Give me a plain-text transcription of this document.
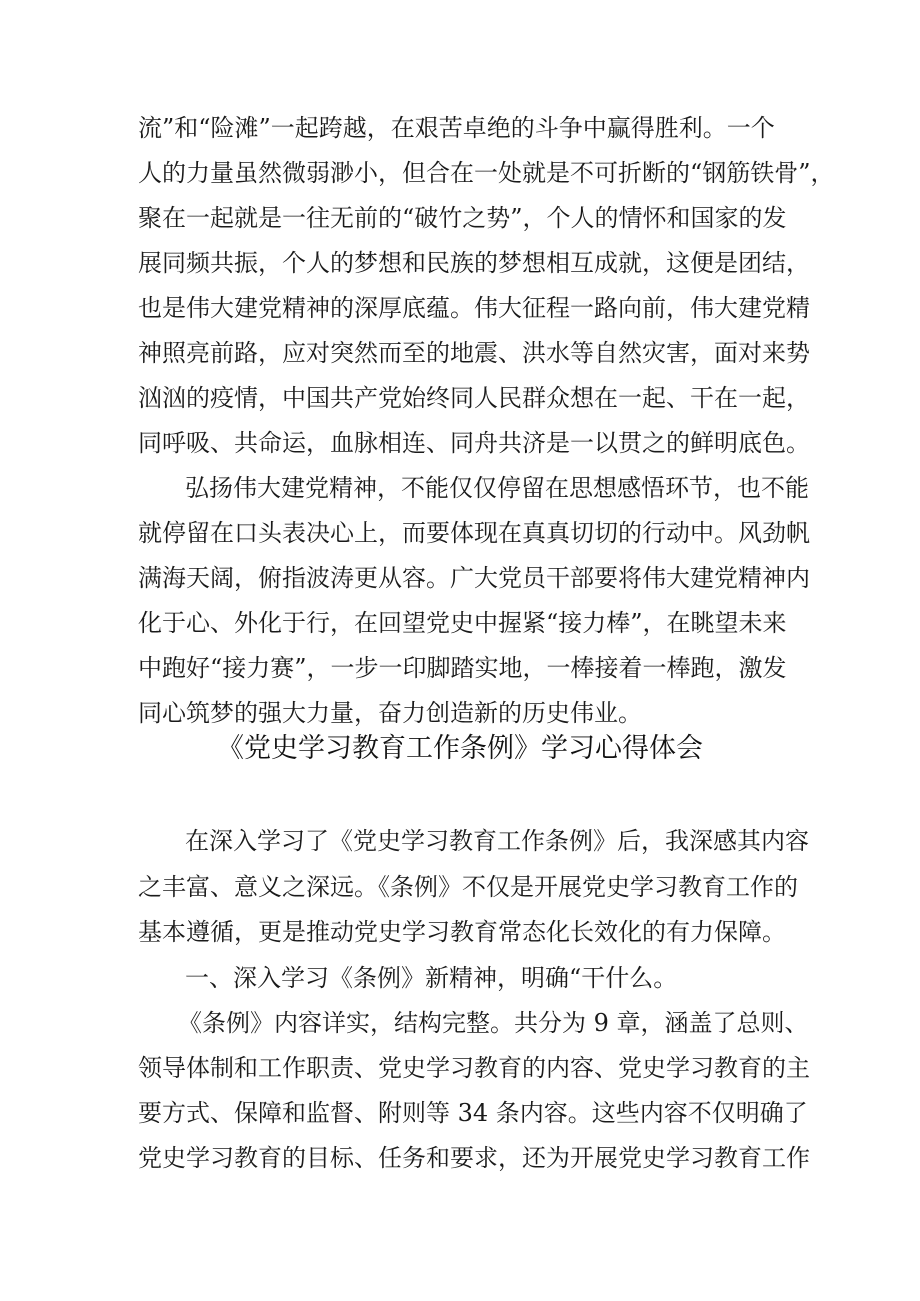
流”和“险滩”一起跨越，在艰苦卓绝的斗争中赢得胜利。一个
人的力量虽然微弱渺小，但合在一处就是不可折断的“钢筋铁骨”，
聚在一起就是一往无前的“破竹之势”，个人的情怀和国家的发
展同频共振，个人的梦想和民族的梦想相互成就，这便是团结，
也是伟大建党精神的深厚底蕴。伟大征程一路向前，伟大建党精
神照亮前路，应对突然而至的地震、洪水等自然灾害，面对来势
汹汹的疫情，中国共产党始终同人民群众想在一起、干在一起，
同呼吸、共命运，血脉相连、同舟共济是一以贯之的鲜明底色。
弘扬伟大建党精神，不能仅仅停留在思想感悟环节，也不能
就停留在口头表决心上，而要体现在真真切切的行动中。风劲帆
满海天阔，俯指波涛更从容。广大党员干部要将伟大建党精神内
化于心、外化于行，在回望党史中握紧“接力棒”，在眺望未来
中跑好“接力赛”，一步一印脚踏实地，一棒接着一棒跑，激发
同心筑梦的强大力量，奋力创造新的历史伟业。
《党史学习教育工作条例》学习心得体会
在深入学习了《党史学习教育工作条例》后，我深感其内容
之丰富、意义之深远。《条例》不仅是开展党史学习教育工作的
基本遵循，更是推动党史学习教育常态化长效化的有力保障。
一、深入学习《条例》新精神，明确“干什么。
《条例》内容详实，结构完整。共分为 9 章，涵盖了总则、
领导体制和工作职责、党史学习教育的内容、党史学习教育的主
要方式、保障和监督、附则等 34 条内容。这些内容不仅明确了
党史学习教育的目标、任务和要求，还为开展党史学习教育工作
